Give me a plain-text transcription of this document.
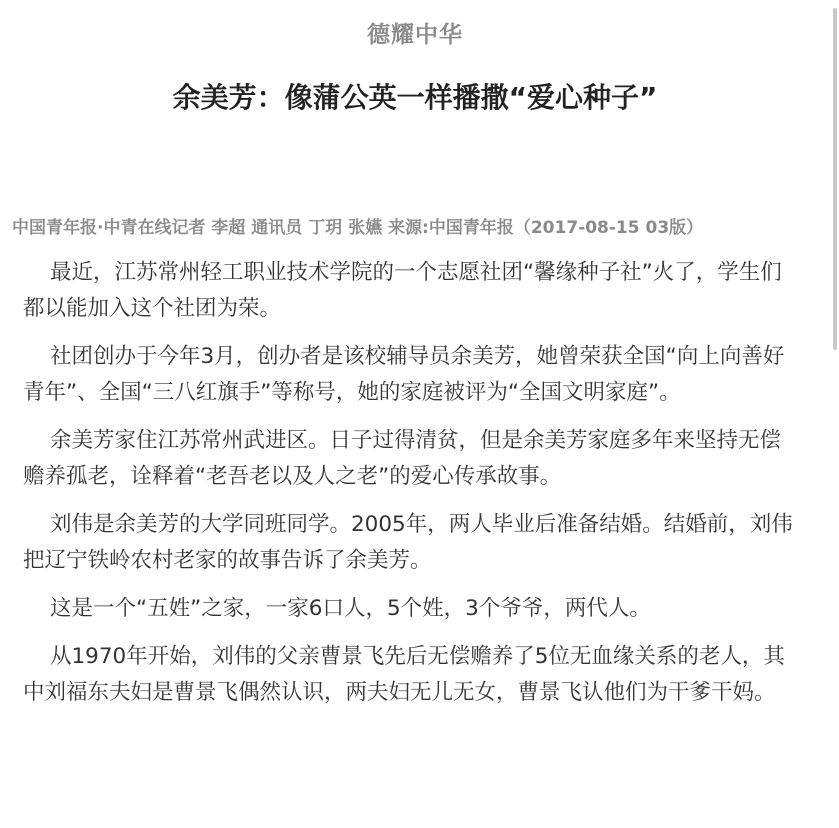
德耀中华
余美芳：像蒲公英一样播撒“爱心种子”
中国青年报·中青在线记者 李超 通讯员 丁玥 张嬿 来源:中国青年报（2017-08-15 03版）

最近，江苏常州轻工职业技术学院的一个志愿社团“馨缘种子社”火了，学生们都以能加入这个社团为荣。

社团创办于今年3月，创办者是该校辅导员余美芳，她曾荣获全国“向上向善好青年”、全国“三八红旗手”等称号，她的家庭被评为“全国文明家庭”。

余美芳家住江苏常州武进区。日子过得清贫，但是余美芳家庭多年来坚持无偿赡养孤老，诠释着“老吾老以及人之老”的爱心传承故事。

刘伟是余美芳的大学同班同学。2005年，两人毕业后准备结婚。结婚前，刘伟把辽宁铁岭农村老家的故事告诉了余美芳。

这是一个“五姓”之家，一家6口人，5个姓，3个爷爷，两代人。

从1970年开始，刘伟的父亲曹景飞先后无偿赡养了5位无血缘关系的老人，其中刘福东夫妇是曹景飞偶然认识，两夫妇无儿无女，曹景飞认他们为干爹干妈。
